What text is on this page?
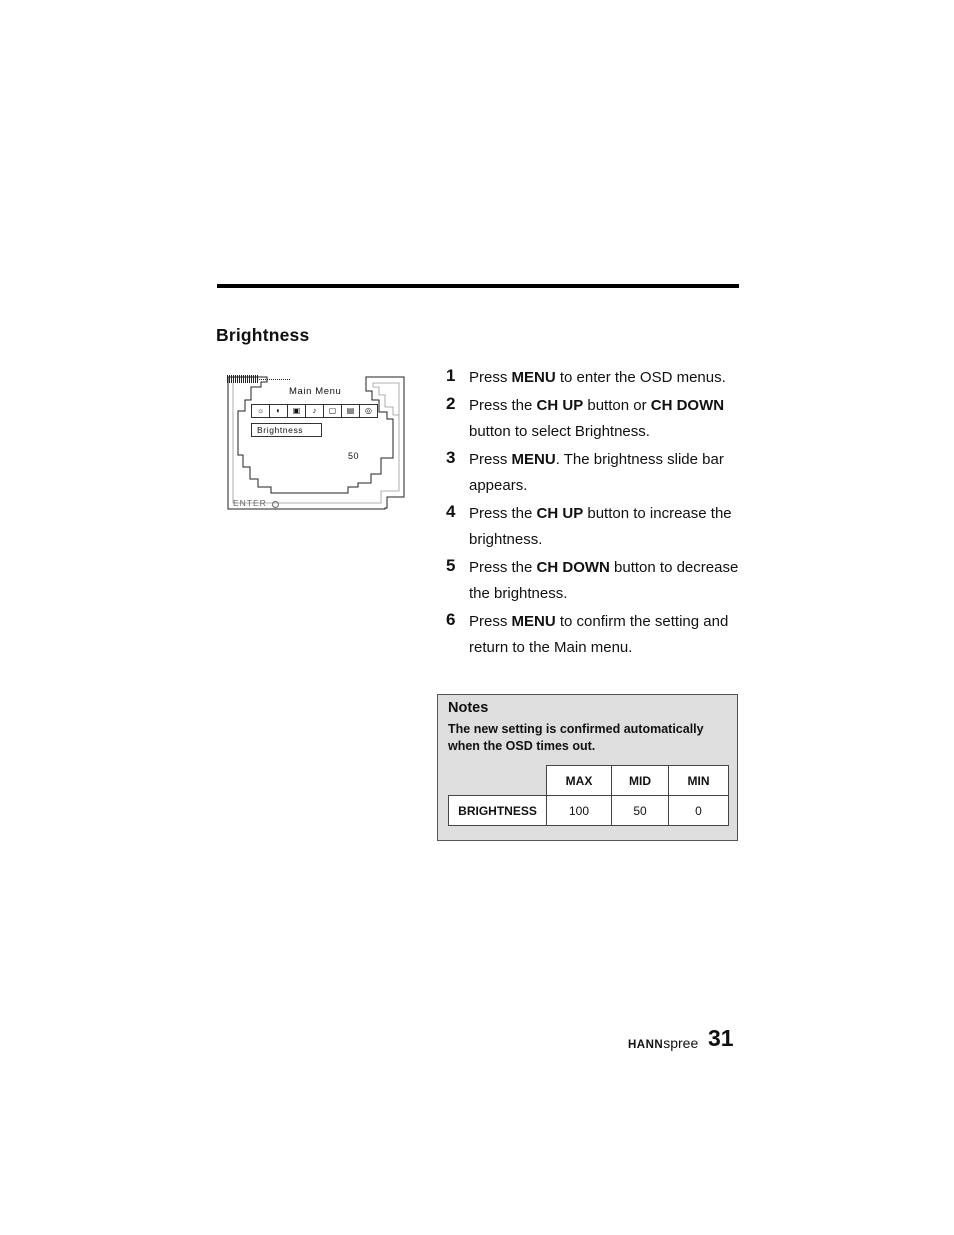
Brightness
Main Menu
☼	◐	▣	♪	▢	▤	◎
Brightness
50
ENTER
1 Press MENU to enter the OSD menus.
2 Press the CH UP button or CH DOWN button to select Brightness.
3 Press MENU. The brightness slide bar appears.
4 Press the CH UP button to increase the brightness.
5 Press the CH DOWN button to decrease the brightness.
6 Press MENU to confirm the setting and return to the Main menu.
Notes
The new setting is confirmed automatically when the OSD times out.
	MAX	MID	MIN
BRIGHTNESS	100	50	0
HANNspree 31
